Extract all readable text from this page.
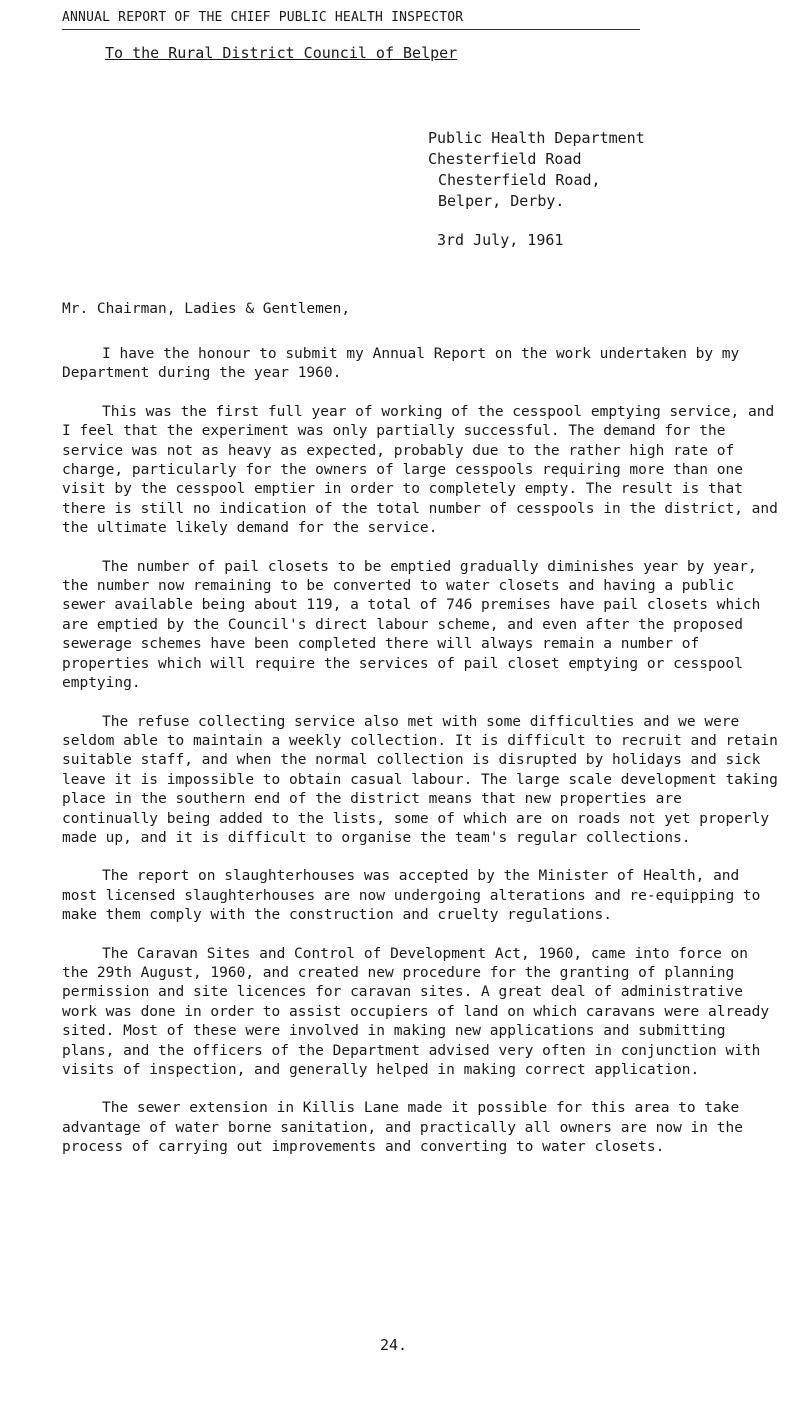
ANNUAL REPORT OF THE CHIEF PUBLIC HEALTH INSPECTOR
To the Rural District Council of Belper
Public Health Department
Chesterfield Road
Chesterfield Road,
Belper, Derby.
3rd July, 1961
Mr. Chairman, Ladies & Gentlemen,

I have the honour to submit my Annual Report on the work undertaken by my Department during the year 1960.

This was the first full year of working of the cesspool emptying service, and I feel that the experiment was only partially successful. The demand for the service was not as heavy as expected, probably due to the rather high rate of charge, particularly for the owners of large cesspools requiring more than one visit by the cesspool emptier in order to completely empty. The result is that there is still no indication of the total number of cesspools in the district, and the ultimate likely demand for the service.

The number of pail closets to be emptied gradually diminishes year by year, the number now remaining to be converted to water closets and having a public sewer available being about 119, a total of 746 premises have pail closets which are emptied by the Council's direct labour scheme, and even after the proposed sewerage schemes have been completed there will always remain a number of properties which will require the services of pail closet emptying or cesspool emptying.

The refuse collecting service also met with some difficulties and we were seldom able to maintain a weekly collection. It is difficult to recruit and retain suitable staff, and when the normal collection is disrupted by holidays and sick leave it is impossible to obtain casual labour. The large scale development taking place in the southern end of the district means that new properties are continually being added to the lists, some of which are on roads not yet properly made up, and it is difficult to organise the team's regular collections.

The report on slaughterhouses was accepted by the Minister of Health, and most licensed slaughterhouses are now undergoing alterations and re-equipping to make them comply with the construction and cruelty regulations.

The Caravan Sites and Control of Development Act, 1960, came into force on the 29th August, 1960, and created new procedure for the granting of planning permission and site licences for caravan sites. A great deal of administrative work was done in order to assist occupiers of land on which caravans were already sited. Most of these were involved in making new applications and submitting plans, and the officers of the Department advised very often in conjunction with visits of inspection, and generally helped in making correct application.

The sewer extension in Killis Lane made it possible for this area to take advantage of water borne sanitation, and practically all owners are now in the process of carrying out improvements and converting to water closets.

24.
